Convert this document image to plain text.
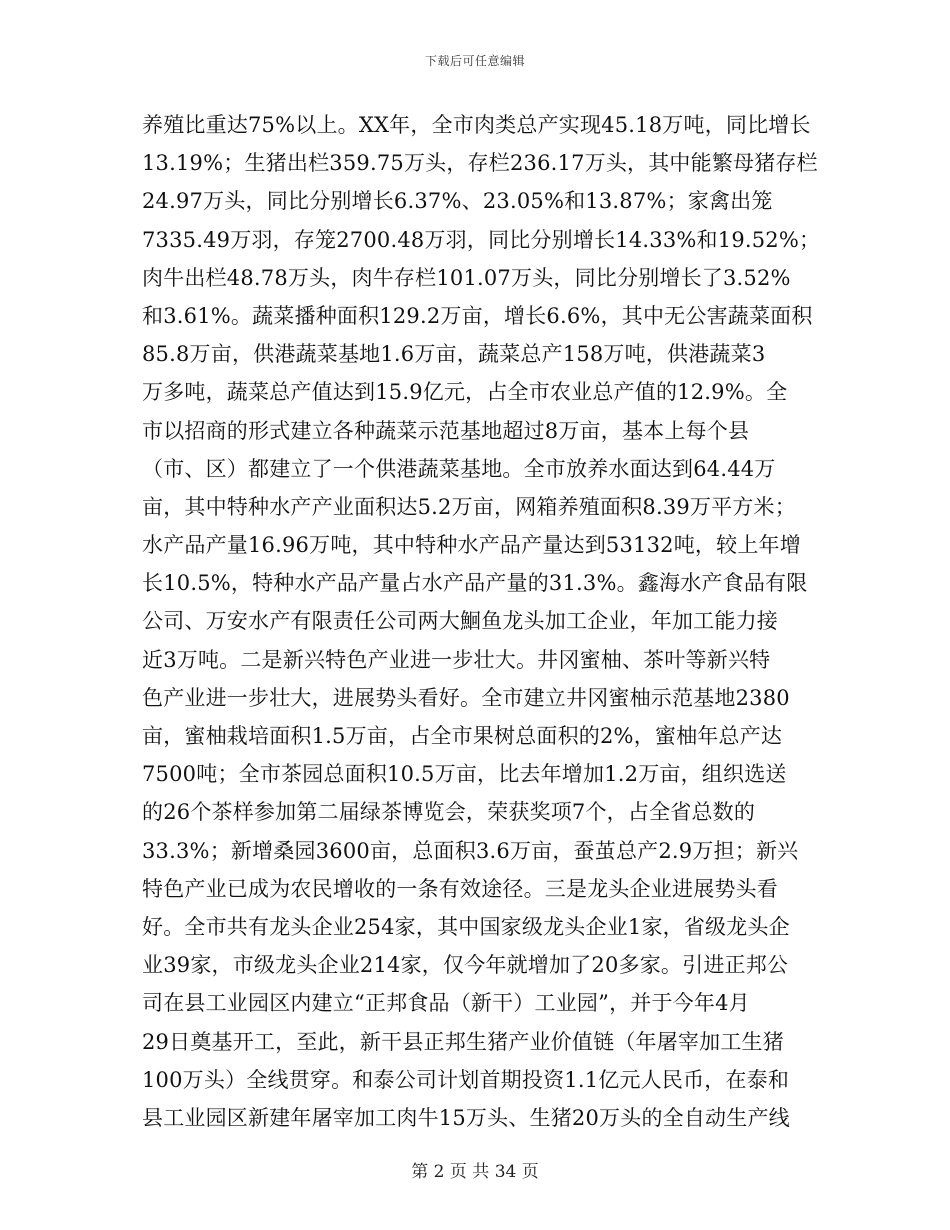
下载后可任意编辑
养殖比重达75%以上。XX年，全市肉类总产实现45.18万吨，同比增长
13.19%；生猪出栏359.75万头，存栏236.17万头，其中能繁母猪存栏
24.97万头，同比分别增长6.37%、23.05%和13.87%；家禽出笼
7335.49万羽，存笼2700.48万羽，同比分别增长14.33%和19.52%；
肉牛出栏48.78万头，肉牛存栏101.07万头，同比分别增长了3.52%
和3.61%。蔬菜播种面积129.2万亩，增长6.6%，其中无公害蔬菜面积
85.8万亩，供港蔬菜基地1.6万亩，蔬菜总产158万吨，供港蔬菜3
万多吨，蔬菜总产值达到15.9亿元，占全市农业总产值的12.9%。全
市以招商的形式建立各种蔬菜示范基地超过8万亩，基本上每个县
（市、区）都建立了一个供港蔬菜基地。全市放养水面达到64.44万
亩，其中特种水产产业面积达5.2万亩，网箱养殖面积8.39万平方米；
水产品产量16.96万吨，其中特种水产品产量达到53132吨，较上年增
长10.5%，特种水产品产量占水产品产量的31.3%。鑫海水产食品有限
公司、万安水产有限责任公司两大鮰鱼龙头加工企业，年加工能力接
近3万吨。二是新兴特色产业进一步壮大。井冈蜜柚、茶叶等新兴特
色产业进一步壮大，进展势头看好。全市建立井冈蜜柚示范基地2380
亩，蜜柚栽培面积1.5万亩，占全市果树总面积的2%，蜜柚年总产达
7500吨；全市茶园总面积10.5万亩，比去年增加1.2万亩，组织选送
的26个茶样参加第二届绿茶博览会，荣获奖项7个，占全省总数的
33.3%；新增桑园3600亩，总面积3.6万亩，蚕茧总产2.9万担；新兴
特色产业已成为农民增收的一条有效途径。三是龙头企业进展势头看
好。全市共有龙头企业254家，其中国家级龙头企业1家，省级龙头企
业39家，市级龙头企业214家，仅今年就增加了20多家。引进正邦公
司在县工业园区内建立“正邦食品（新干）工业园”，并于今年4月
29日奠基开工，至此，新干县正邦生猪产业价值链（年屠宰加工生猪
100万头）全线贯穿。和泰公司计划首期投资1.1亿元人民币，在泰和
县工业园区新建年屠宰加工肉牛15万头、生猪20万头的全自动生产线
第 2 页 共 34 页
